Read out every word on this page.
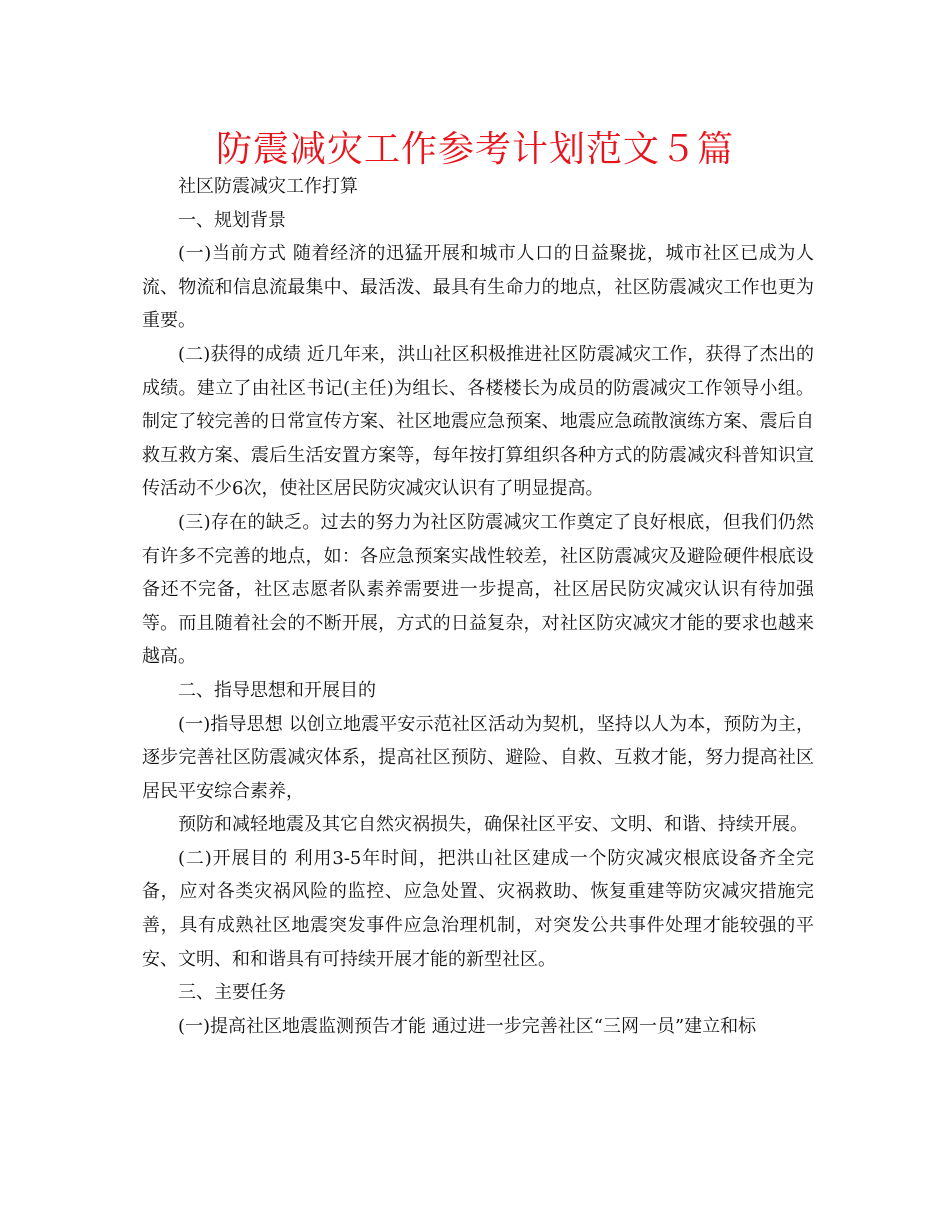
防震减灾工作参考计划范文５篇

社区防震减灾工作打算

一、规划背景

(一)当前方式 随着经济的迅猛开展和城市人口的日益聚拢，城市社区已成为人流、物流和信息流最集中、最活泼、最具有生命力的地点，社区防震减灾工作也更为重要。

(二)获得的成绩 近几年来，洪山社区积极推进社区防震减灾工作，获得了杰出的成绩。建立了由社区书记(主任)为组长、各楼楼长为成员的防震减灾工作领导小组。制定了较完善的日常宣传方案、社区地震应急预案、地震应急疏散演练方案、震后自救互救方案、震后生活安置方案等，每年按打算组织各种方式的防震减灾科普知识宣传活动不少6次，使社区居民防灾减灾认识有了明显提高。

(三)存在的缺乏。过去的努力为社区防震减灾工作奠定了良好根底，但我们仍然有许多不完善的地点，如：各应急预案实战性较差，社区防震减灾及避险硬件根底设备还不完备，社区志愿者队素养需要进一步提高，社区居民防灾减灾认识有待加强等。而且随着社会的不断开展，方式的日益复杂，对社区防灾减灾才能的要求也越来越高。

二、指导思想和开展目的

(一)指导思想 以创立地震平安示范社区活动为契机，坚持以人为本，预防为主，逐步完善社区防震减灾体系，提高社区预防、避险、自救、互救才能，努力提高社区居民平安综合素养，

预防和减轻地震及其它自然灾祸损失，确保社区平安、文明、和谐、持续开展。

(二)开展目的 利用3-5年时间，把洪山社区建成一个防灾减灾根底设备齐全完备，应对各类灾祸风险的监控、应急处置、灾祸救助、恢复重建等防灾减灾措施完善，具有成熟社区地震突发事件应急治理机制，对突发公共事件处理才能较强的平安、文明、和和谐具有可持续开展才能的新型社区。

三、主要任务

(一)提高社区地震监测预告才能 通过进一步完善社区“三网一员”建立和标
